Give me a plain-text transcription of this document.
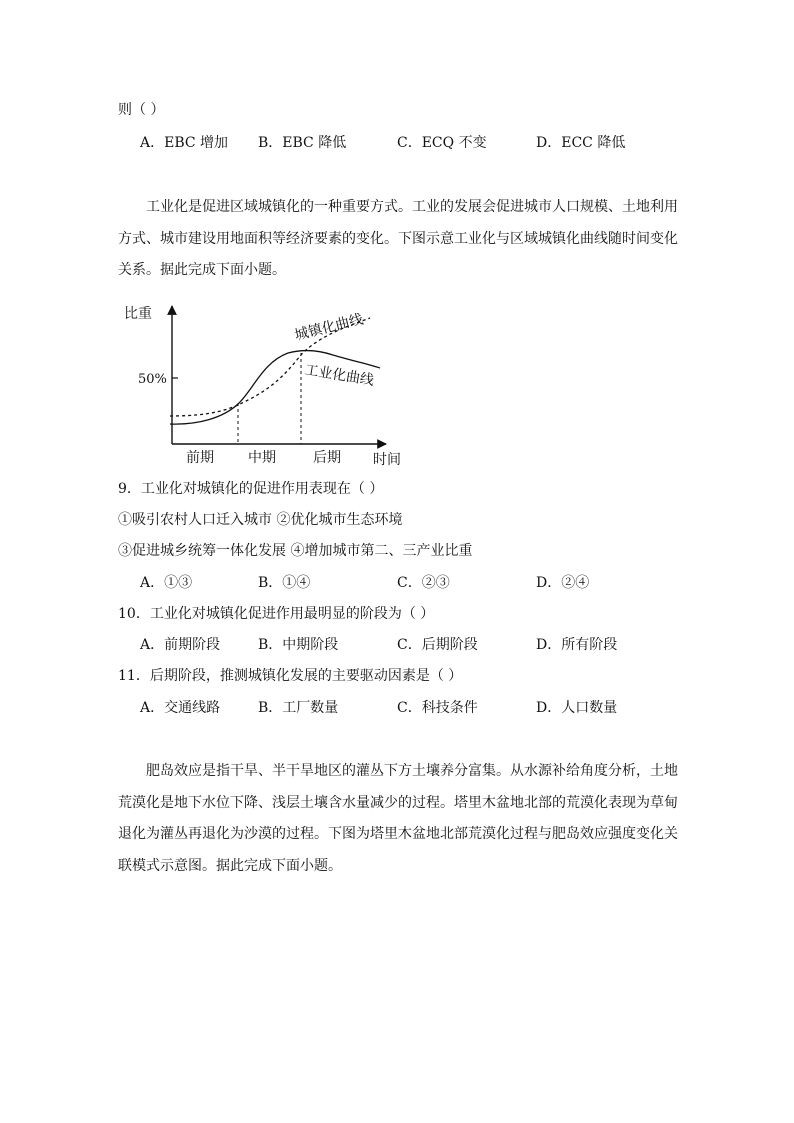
则（ ）
A．EBC 增加 B．EBC 降低	C．ECQ 不变	D．ECC 降低
工业化是促进区域城镇化的一种重要方式。工业的发展会促进城市人口规模、土地利用方式、城市建设用地面积等经济要素的变化。下图示意工业化与区域城镇化曲线随时间变化关系。据此完成下面小题。
比重
50%
时间
前期 中期	后期
城镇化曲线
工业化曲线
9．工业化对城镇化的促进作用表现在（ ）
①吸引农村人口迁入城市 ②优化城市生态环境
③促进城乡统筹一体化发展 ④增加城市第二、三产业比重
A．①③	B．①④	C．②③	D．②④
10．工业化对城镇化促进作用最明显的阶段为（ ）
A．前期阶段	B．中期阶段	C．后期阶段	D．所有阶段
11．后期阶段，推测城镇化发展的主要驱动因素是（ ）
A．交通线路	B．工厂数量	C．科技条件	D．人口数量
肥岛效应是指干旱、半干旱地区的灌丛下方土壤养分富集。从水源补给角度分析，土地荒漠化是地下水位下降、浅层土壤含水量减少的过程。塔里木盆地北部的荒漠化表现为草甸退化为灌丛再退化为沙漠的过程。下图为塔里木盆地北部荒漠化过程与肥岛效应强度变化关联模式示意图。据此完成下面小题。
